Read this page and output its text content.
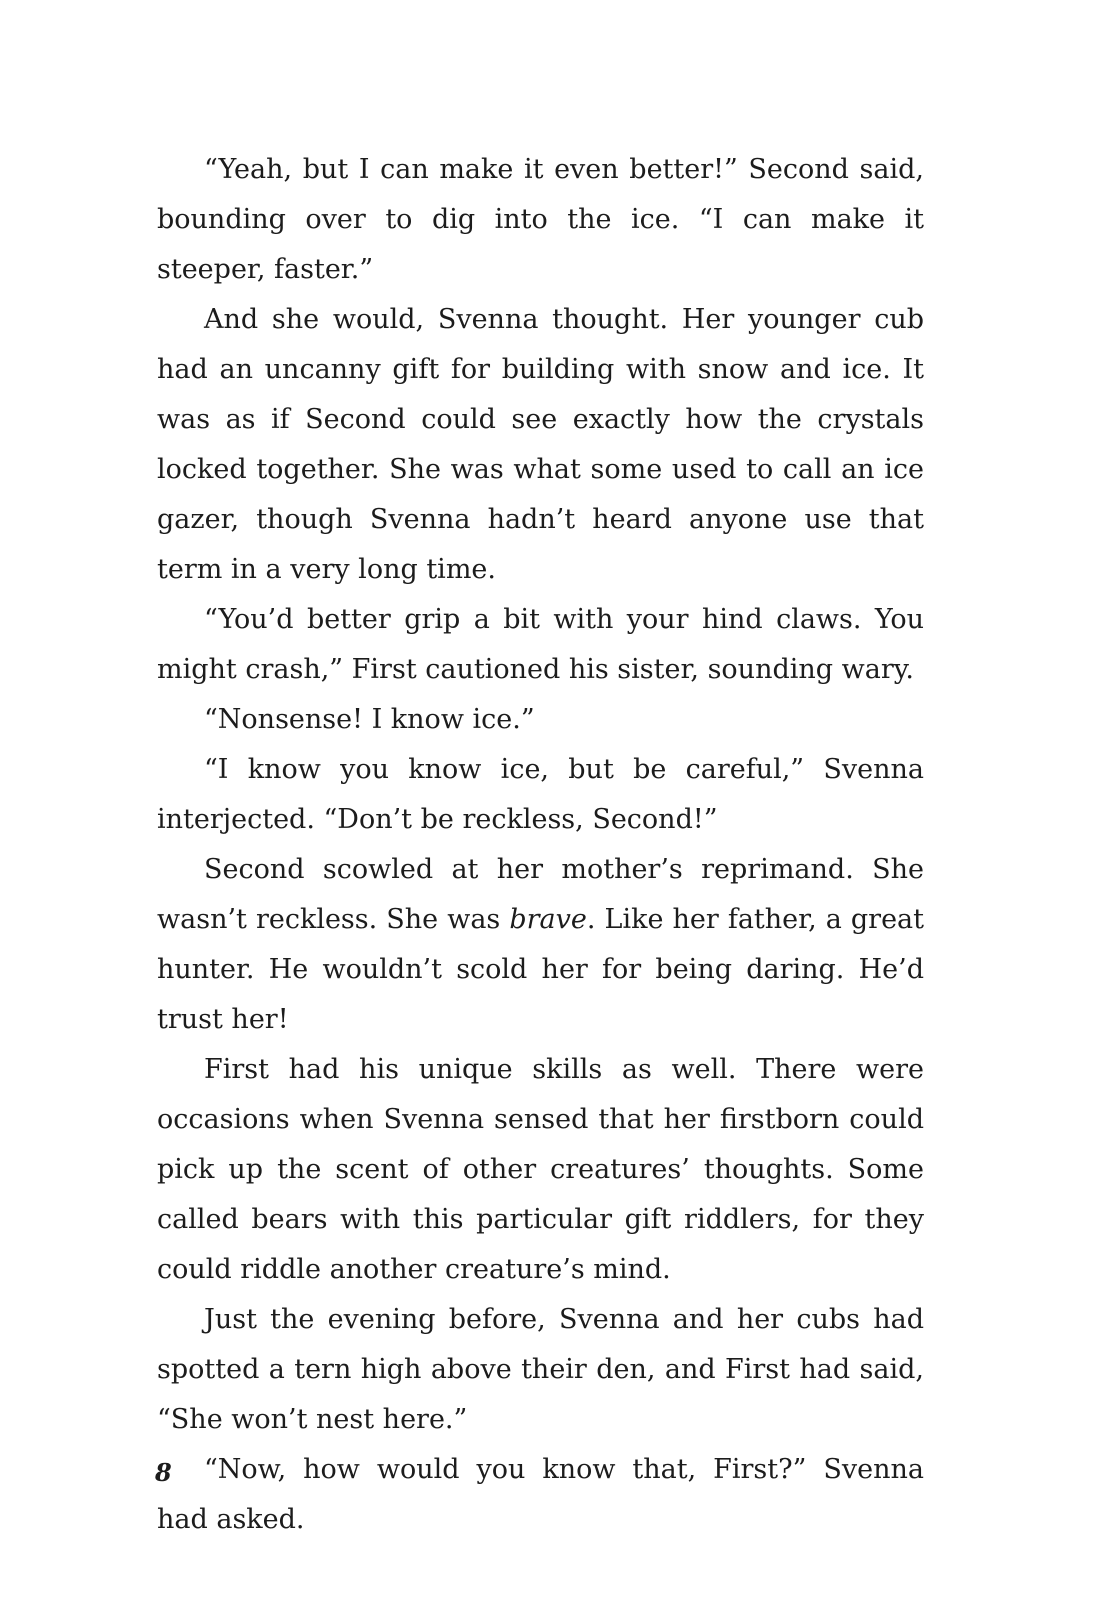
“Yeah, but I can make it even better!” Second said, bounding over to dig into the ice. “I can make it steeper, faster.”

And she would, Svenna thought. Her younger cub had an uncanny gift for building with snow and ice. It was as if Second could see exactly how the crystals locked together. She was what some used to call an ice gazer, though Svenna hadn’t heard anyone use that term in a very long time.

“You’d better grip a bit with your hind claws. You might crash,” First cautioned his sister, sounding wary.

“Nonsense! I know ice.”

“I know you know ice, but be careful,” Svenna interjected. “Don’t be reckless, Second!”

Second scowled at her mother’s reprimand. She wasn’t reckless. She was brave. Like her father, a great hunter. He wouldn’t scold her for being daring. He’d trust her!

First had his unique skills as well. There were occasions when Svenna sensed that her firstborn could pick up the scent of other creatures’ thoughts. Some called bears with this particular gift riddlers, for they could riddle another creature’s mind.

Just the evening before, Svenna and her cubs had spotted a tern high above their den, and First had said, “She won’t nest here.”

“Now, how would you know that, First?” Svenna had asked.

8
